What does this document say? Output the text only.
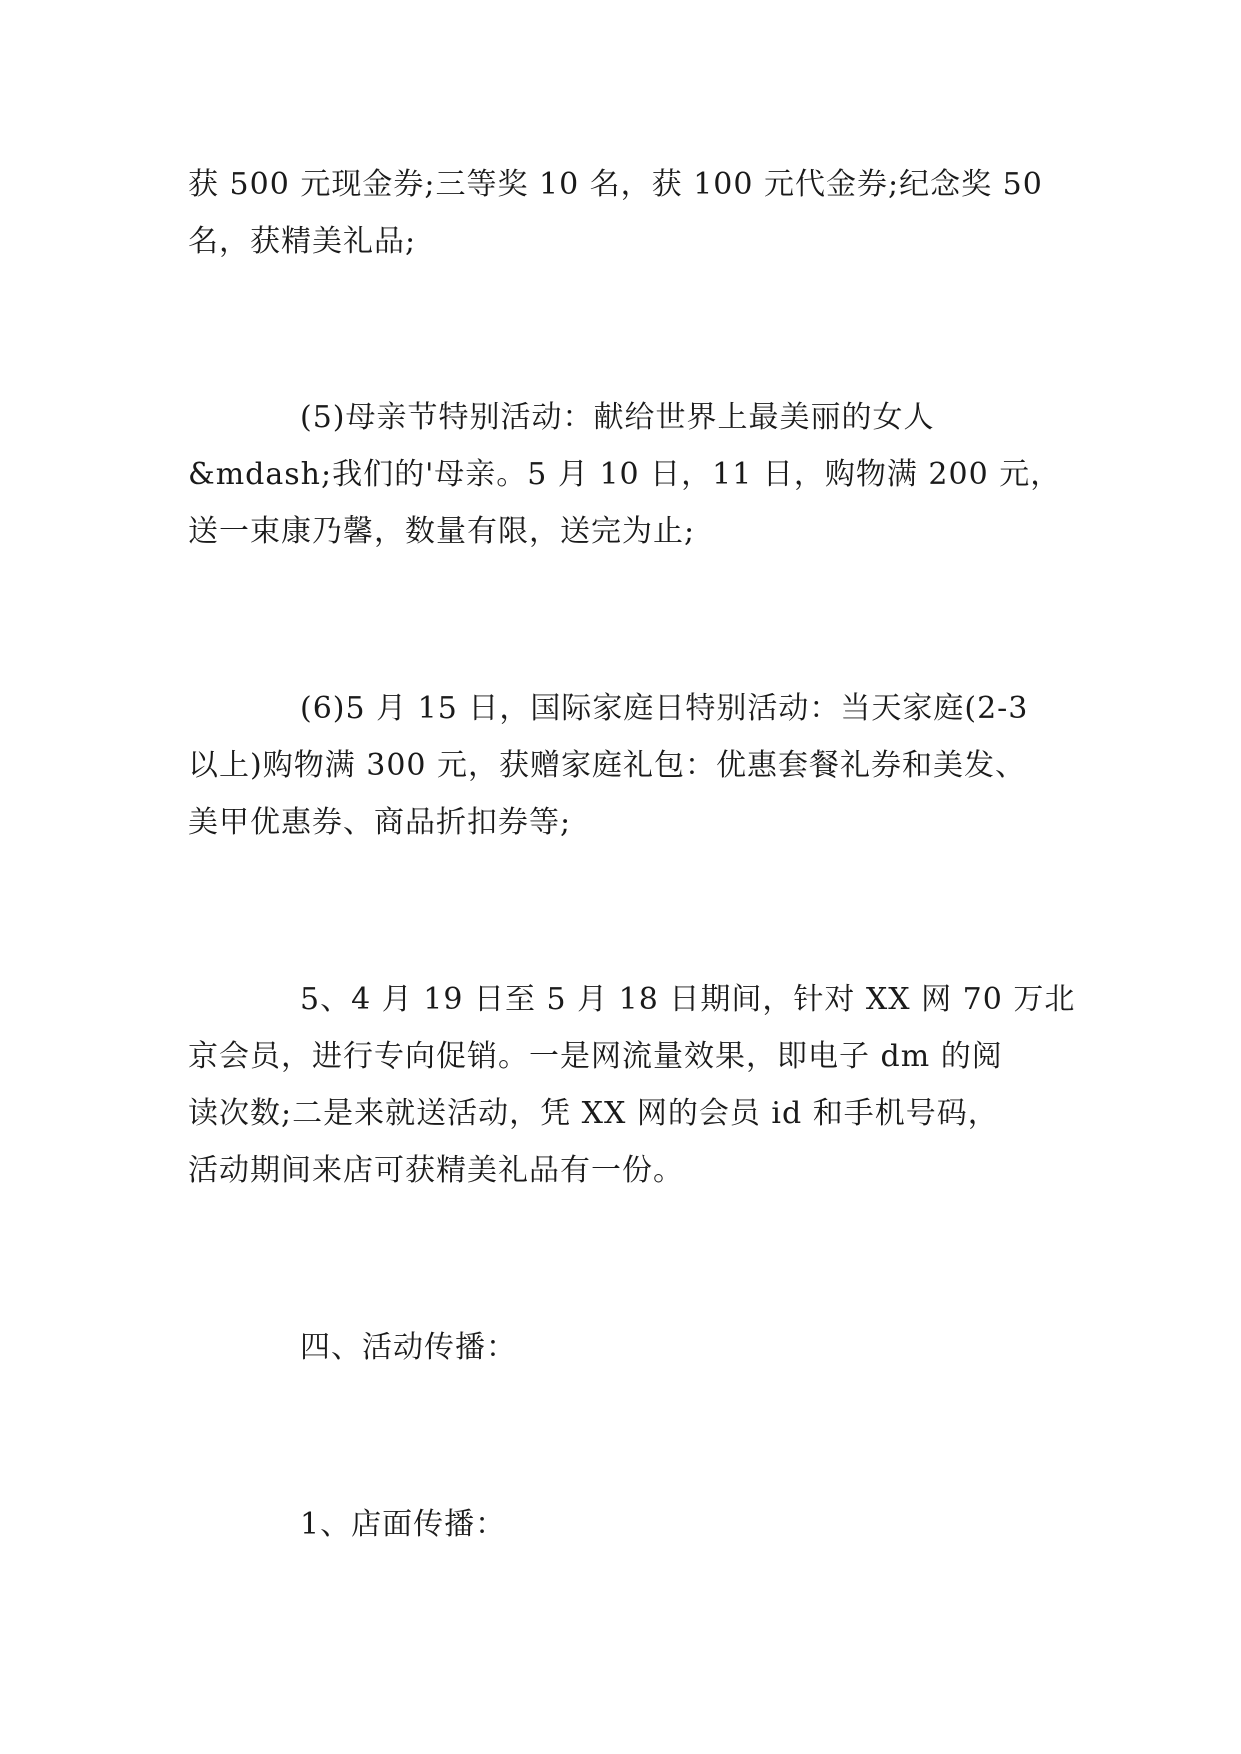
获 500 元现金券;三等奖 10 名，获 100 元代金券;纪念奖 50
名，获精美礼品;
(5)母亲节特别活动：献给世界上最美丽的女人
&mdash;我们的'母亲。5 月 10 日，11 日，购物满 200 元，
送一束康乃馨，数量有限，送完为止;
(6)5 月 15 日，国际家庭日特别活动：当天家庭(2-3
以上)购物满 300 元，获赠家庭礼包：优惠套餐礼券和美发、
美甲优惠券、商品折扣券等;
5、4 月 19 日至 5 月 18 日期间，针对 XX 网 70 万北
京会员，进行专向促销。一是网流量效果，即电子 dm 的阅
读次数;二是来就送活动，凭 XX 网的会员 id 和手机号码，
活动期间来店可获精美礼品有一份。
四、活动传播：
1、店面传播：
